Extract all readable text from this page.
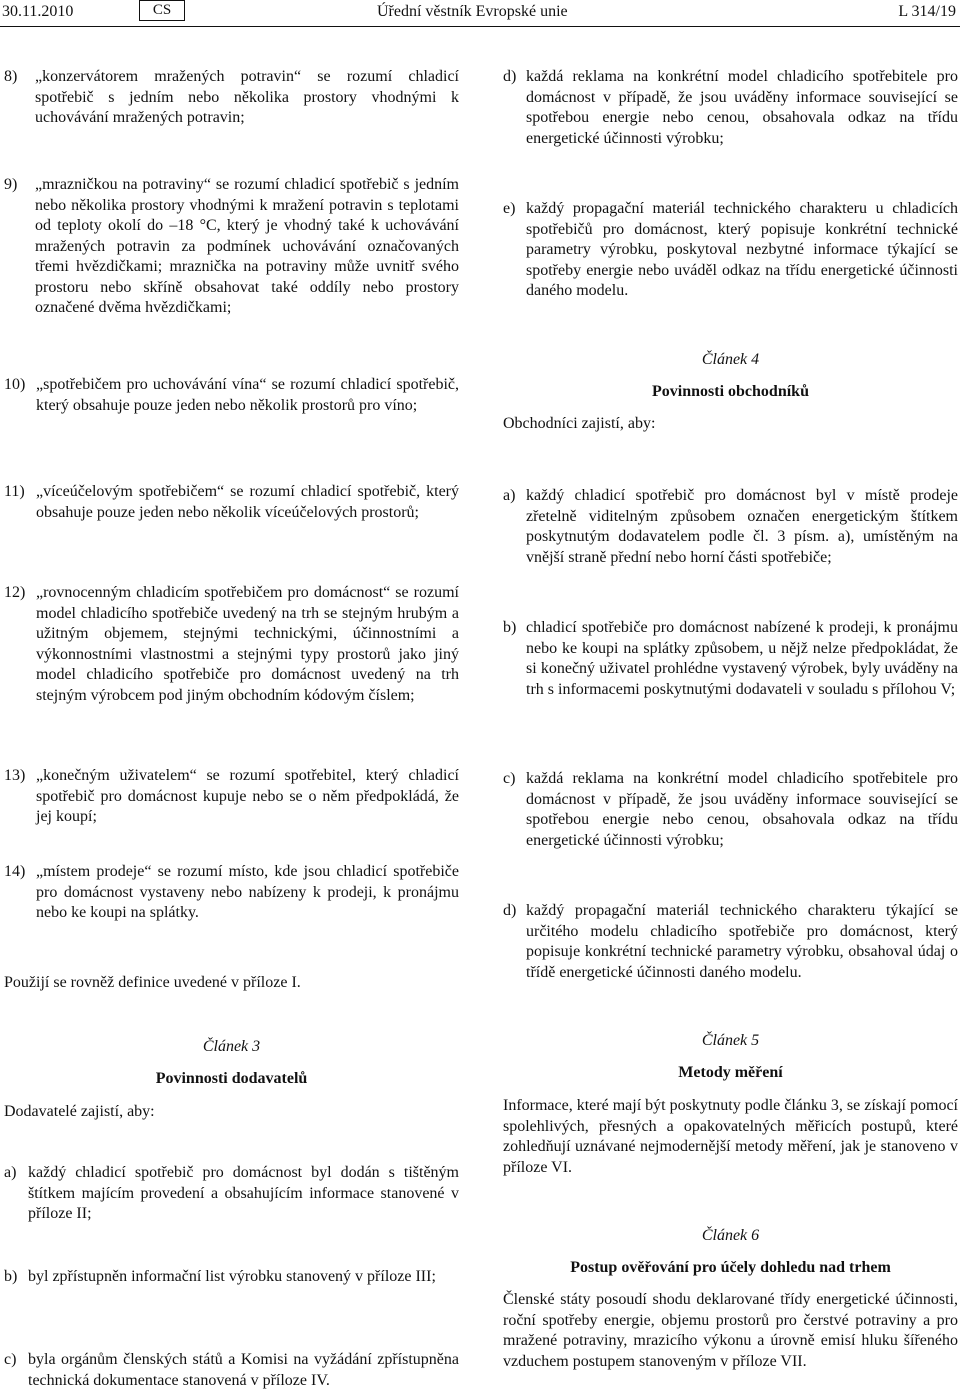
30.11.2010	CS	Úřední věstník Evropské unie	L 314/19
8) „konzervátorem mražených potravin“ se rozumí chladicí spotřebič s jedním nebo několika prostory vhodnými k uchovávání mražených potravin;
9) „mrazničkou na potraviny“ se rozumí chladicí spotřebič s jedním nebo několika prostory vhodnými k mražení potravin s teplotami od teploty okolí do –18 °C, který je vhodný také k uchovávání mražených potravin za podmínek uchovávání označovaných třemi hvězdičkami; mraznička na potraviny může uvnitř svého prostoru nebo skříně obsahovat také oddíly nebo prostory označené dvěma hvězdičkami;
10) „spotřebičem pro uchovávání vína“ se rozumí chladicí spotřebič, který obsahuje pouze jeden nebo několik prostorů pro víno;
11) „víceúčelovým spotřebičem“ se rozumí chladicí spotřebič, který obsahuje pouze jeden nebo několik víceúčelových prostorů;
12) „rovnocenným chladicím spotřebičem pro domácnost“ se rozumí model chladicího spotřebiče uvedený na trh se stejným hrubým a užitným objemem, stejnými technickými, účinnostními a výkonnostními vlastnostmi a stejnými typy prostorů jako jiný model chladicího spotřebiče pro domácnost uvedený na trh stejným výrobcem pod jiným obchodním kódovým číslem;
13) „konečným uživatelem“ se rozumí spotřebitel, který chladicí spotřebič pro domácnost kupuje nebo se o něm předpokládá, že jej koupí;
14) „místem prodeje“ se rozumí místo, kde jsou chladicí spotřebiče pro domácnost vystaveny nebo nabízeny k prodeji, k pronájmu nebo ke koupi na splátky.
Použijí se rovněž definice uvedené v příloze I.
Článek 3
Povinnosti dodavatelů
Dodavatelé zajistí, aby:
a) každý chladicí spotřebič pro domácnost byl dodán s tištěným štítkem majícím provedení a obsahujícím informace stanovené v příloze II;
b) byl zpřístupněn informační list výrobku stanovený v příloze III;
c) byla orgánům členských států a Komisi na vyžádání zpřístupněna technická dokumentace stanovená v příloze IV.
d) každá reklama na konkrétní model chladicího spotřebitele pro domácnost v případě, že jsou uváděny informace související se spotřebou energie nebo cenou, obsahovala odkaz na třídu energetické účinnosti výrobku;
e) každý propagační materiál technického charakteru u chladicích spotřebičů pro domácnost, který popisuje konkrétní technické parametry výrobku, poskytoval nezbytné informace týkající se spotřeby energie nebo uváděl odkaz na třídu energetické účinnosti daného modelu.
Článek 4
Povinnosti obchodníků
Obchodníci zajistí, aby:
a) každý chladicí spotřebič pro domácnost byl v místě prodeje zřetelně viditelným způsobem označen energetickým štítkem poskytnutým dodavatelem podle čl. 3 písm. a), umístěným na vnější straně přední nebo horní části spotřebiče;
b) chladicí spotřebiče pro domácnost nabízené k prodeji, k pronájmu nebo ke koupi na splátky způsobem, u nějž nelze předpokládat, že si konečný uživatel prohlédne vystavený výrobek, byly uváděny na trh s informacemi poskytnutými dodavateli v souladu s přílohou V;
c) každá reklama na konkrétní model chladicího spotřebitele pro domácnost v případě, že jsou uváděny informace související se spotřebou energie nebo cenou, obsahovala odkaz na třídu energetické účinnosti výrobku;
d) každý propagační materiál technického charakteru týkající se určitého modelu chladicího spotřebiče pro domácnost, který popisuje konkrétní technické parametry výrobku, obsahoval údaj o třídě energetické účinnosti daného modelu.
Článek 5
Metody měření
Informace, které mají být poskytnuty podle článku 3, se získají pomocí spolehlivých, přesných a opakovatelných měřicích postupů, které zohledňují uznávané nejmodernější metody měření, jak je stanoveno v příloze VI.
Článek 6
Postup ověřování pro účely dohledu nad trhem
Členské státy posoudí shodu deklarované třídy energetické účinnosti, roční spotřeby energie, objemu prostorů pro čerstvé potraviny a pro mražené potraviny, mrazicího výkonu a úrovně emisí hluku šířeného vzduchem postupem stanoveným v příloze VII.
